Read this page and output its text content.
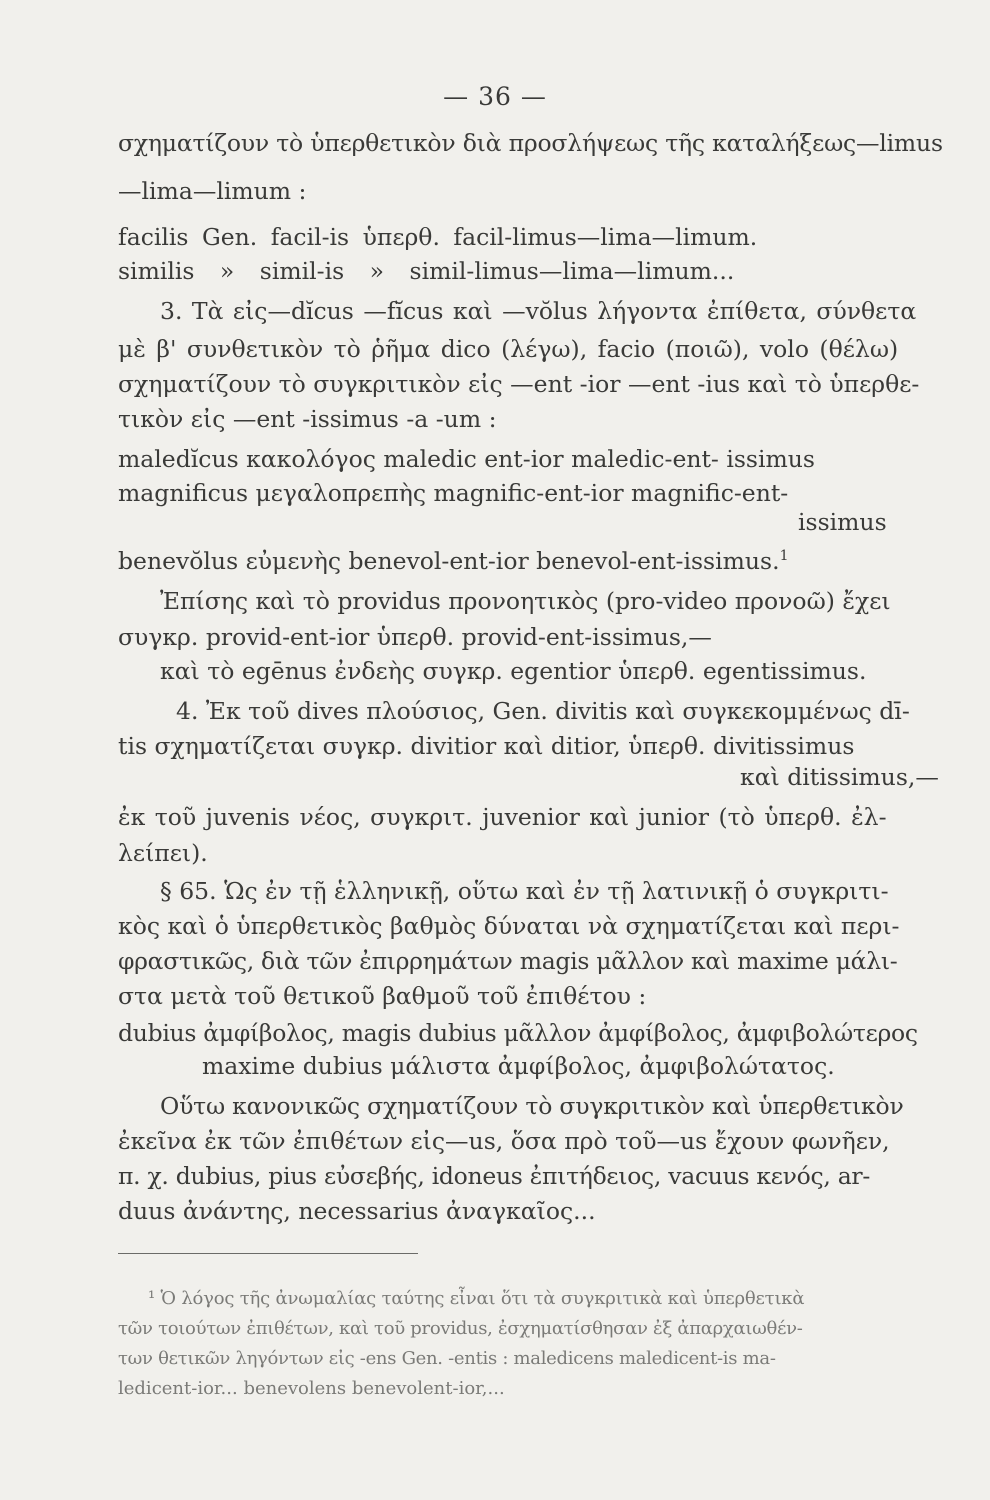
— 36 —
σχηματίζουν τὸ ὑπερθετικὸν διὰ προσλήψεως τῆς καταλήξεως—limus
—lima—limum :
facilis Gen. facil-is ὑπερθ. facil-limus—lima—limum.
similis » simil-is » simil-limus—lima—limum...
3. Τὰ εἰς—dĭcus —fĭcus καὶ —vŏlus λήγοντα ἐπίθετα, σύνθετα
μὲ β' συνθετικὸν τὸ ῥῆμα dico (λέγω), facio (ποιῶ), volo (θέλω)
σχηματίζουν τὸ συγκριτικὸν εἰς —ent -ior —ent -ius καὶ τὸ ὑπερθε-
τικὸν εἰς —ent -issimus -a -um :
maledĭcus κακολόγος maledic ent-ior maledic-ent- issimus
magnificus μεγαλοπρεπὴς magnific-ent-ior magnific-ent-
issimus
benevŏlus εὐμενὴς benevol-ent-ior benevol-ent-issimus.$^1$
Ἐπίσης καὶ τὸ providus προνοητικὸς (pro-video προνοῶ) ἔχει
συγκρ. provid-ent-ior ὑπερθ. provid-ent-issimus,—
καὶ τὸ egēnus ἐνδεὴς συγκρ. egentior ὑπερθ. egentissimus.
4. Ἐκ τοῦ dives πλούσιος, Gen. divitis καὶ συγκεκομμένως dī-
tis σχηματίζεται συγκρ. divitior καὶ ditior, ὑπερθ. divitissimus
καὶ ditissimus,—
ἐκ τοῦ juvenis νέος, συγκριτ. juvenior καὶ junior (τὸ ὑπερθ. ἐλ-
λείπει).
§ 65. Ὡς ἐν τῇ ἑλληνικῇ, οὕτω καὶ ἐν τῇ λατινικῇ ὁ συγκριτι-
κὸς καὶ ὁ ὑπερθετικὸς βαθμὸς δύναται νὰ σχηματίζεται καὶ περι-
φραστικῶς, διὰ τῶν ἐπιρρημάτων magis μᾶλλον καὶ maxime μάλι-
στα μετὰ τοῦ θετικοῦ βαθμοῦ τοῦ ἐπιθέτου :
dubius ἀμφίβολος, magis dubius μᾶλλον ἀμφίβολος, ἀμφιβολώτερος
maxime dubius μάλιστα ἀμφίβολος, ἀμφιβολώτατος.
Οὕτω κανονικῶς σχηματίζουν τὸ συγκριτικὸν καὶ ὑπερθετικὸν
ἐκεῖνα ἐκ τῶν ἐπιθέτων εἰς—us, ὅσα πρὸ τοῦ—us ἔχουν φωνῆεν,
π. χ. dubius, pius εὐσεβής, idoneus ἐπιτήδειος, vacuus κενός, ar-
duus ἀνάντης, necessarius ἀναγκαῖος...
¹ Ὁ λόγος τῆς ἀνωμαλίας ταύτης εἶναι ὅτι τὰ συγκριτικὰ καὶ ὑπερθετικὰ
τῶν τοιούτων ἐπιθέτων, καὶ τοῦ providus, ἐσχηματίσθησαν ἐξ ἀπαρχαιωθέν-
των θετικῶν ληγόντων εἰς -ens Gen. -entis : maledicens maledicent-is ma-
ledicent-ior... benevolens benevolent-ior,...
